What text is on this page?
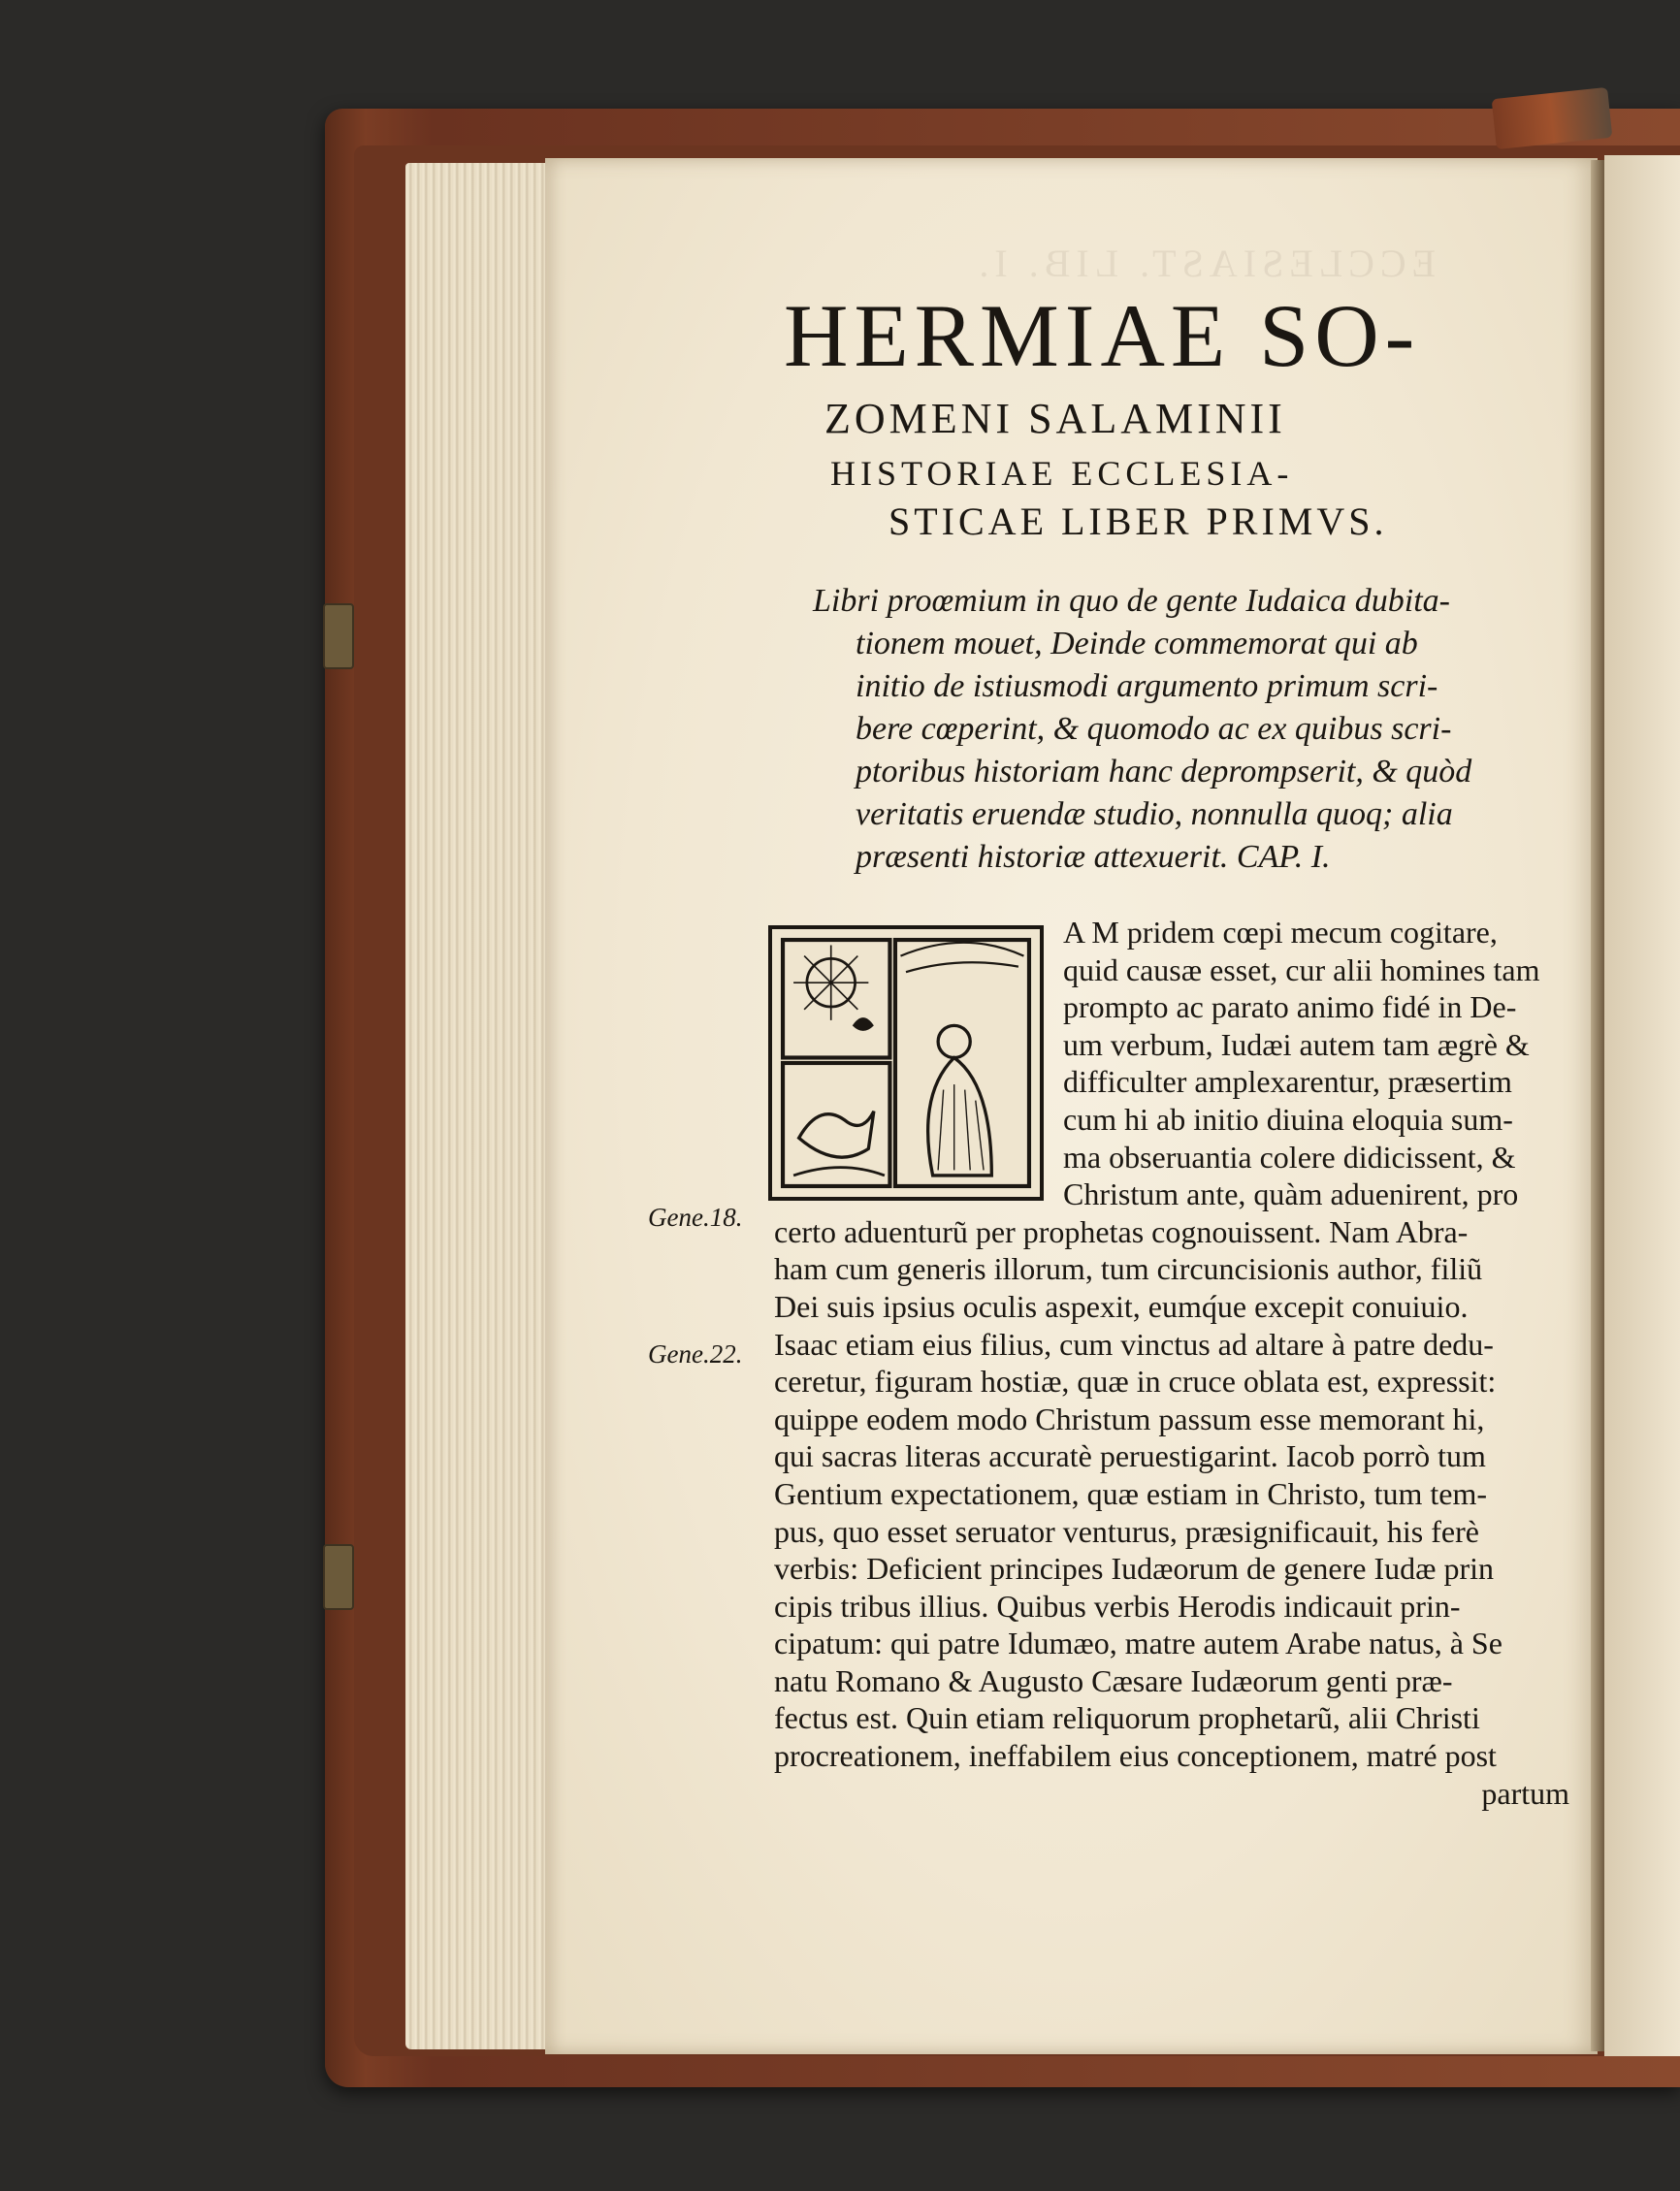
ECCLESIAST. LIB. I.
HERMIAE SO-
ZOMENI SALAMINII
HISTORIAE ECCLESIA-
STICAE LIBER PRIMVS.
Libri proœmium in quo de gente Iudaica dubita-
tionem mouet, Deinde commemorat qui ab
initio de istiusmodi argumento primum scri-
bere cœperint, & quomodo ac ex quibus scri-
ptoribus historiam hanc deprompserit, & quòd
veritatis eruendæ studio, nonnulla quoq; alia
præsenti historiæ attexuerit. CAP. I.
Gene.18.
Gene.22.
A M pridem cœpi mecum cogitare,
quid causæ esset, cur alii homines tam
prompto ac parato animo fidé in De-
um verbum, Iudæi autem tam ægrè &
difficulter amplexarentur, præsertim
cum hi ab initio diuina eloquia sum-
ma obseruantia colere didicissent, &
Christum ante, quàm aduenirent, pro
certo aduenturũ per prophetas cognouissent. Nam Abra-
ham cum generis illorum, tum circuncisionis author, filiũ
Dei suis ipsius oculis aspexit, eumq́ue excepit conuiuio.
Isaac etiam eius filius, cum vinctus ad altare à patre dedu-
ceretur, figuram hostiæ, quæ in cruce oblata est, expressit:
quippe eodem modo Christum passum esse memorant hi,
qui sacras literas accuratè peruestigarint. Iacob porrò tum
Gentium expectationem, quæ estiam in Christo, tum tem-
pus, quo esset seruator venturus, præsignificauit, his ferè
verbis: Deficient principes Iudæorum de genere Iudæ prin
cipis tribus illius. Quibus verbis Herodis indicauit prin-
cipatum: qui patre Idumæo, matre autem Arabe natus, à Se
natu Romano & Augusto Cæsare Iudæorum genti præ-
fectus est. Quin etiam reliquorum prophetarũ, alii Christi
procreationem, ineffabilem eius conceptionem, matré post
partum
